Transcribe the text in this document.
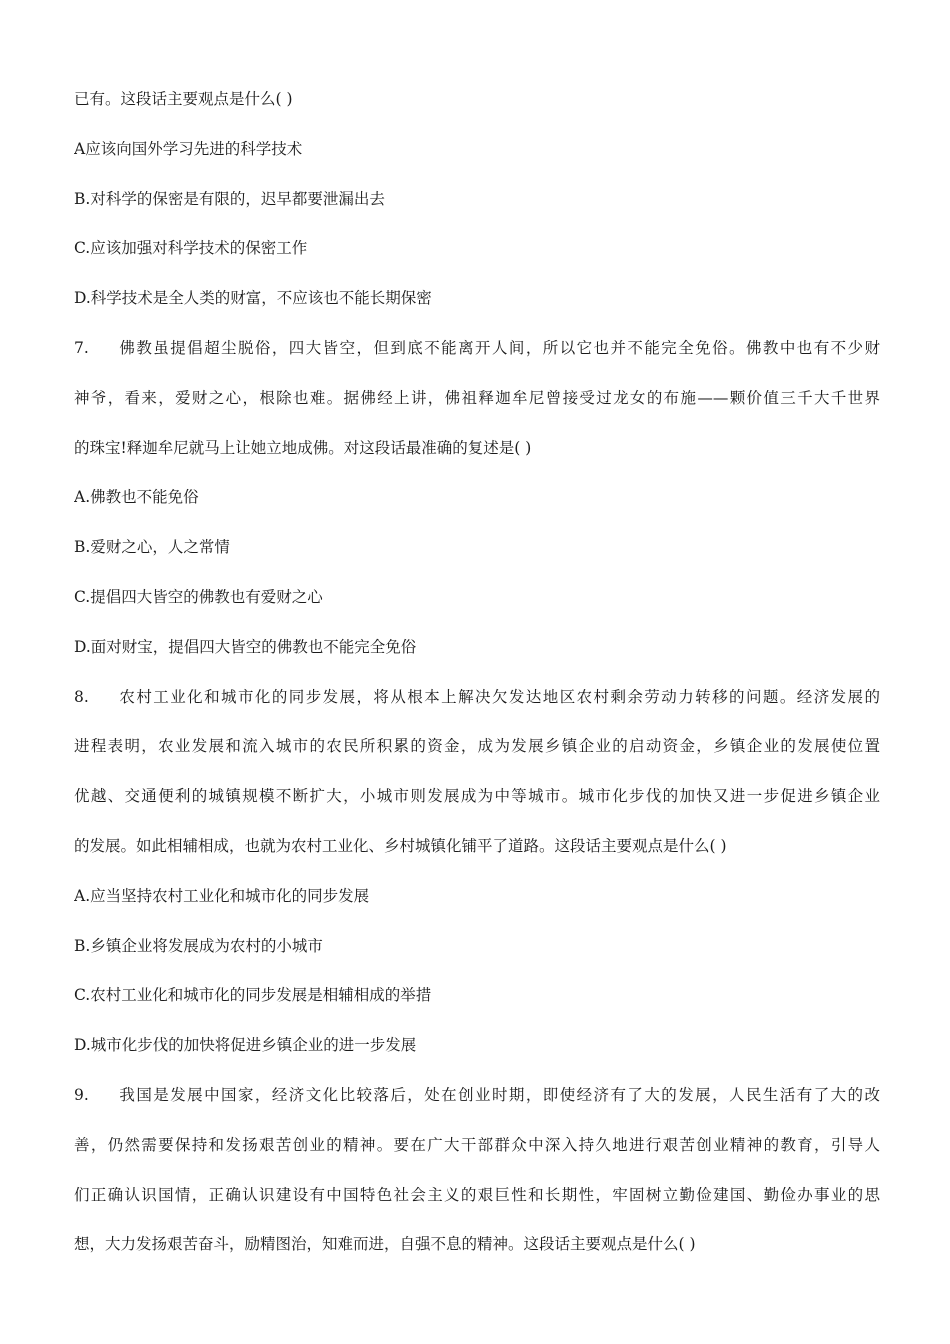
已有。这段话主要观点是什么( )
A应该向国外学习先进的科学技术
B.对科学的保密是有限的，迟早都要泄漏出去
C.应该加强对科学技术的保密工作
D.科学技术是全人类的财富，不应该也不能长期保密
7. 佛教虽提倡超尘脱俗，四大皆空，但到底不能离开人间，所以它也并不能完全免俗。佛教中也有不少财
神爷，看来，爱财之心，根除也难。据佛经上讲，佛祖释迦牟尼曾接受过龙女的布施——颗价值三千大千世界
的珠宝!释迦牟尼就马上让她立地成佛。对这段话最准确的复述是( )
A.佛教也不能免俗
B.爱财之心，人之常情
C.提倡四大皆空的佛教也有爱财之心
D.面对财宝，提倡四大皆空的佛教也不能完全免俗
8. 农村工业化和城市化的同步发展，将从根本上解决欠发达地区农村剩余劳动力转移的问题。经济发展的
进程表明，农业发展和流入城市的农民所积累的资金，成为发展乡镇企业的启动资金，乡镇企业的发展使位置
优越、交通便利的城镇规模不断扩大，小城市则发展成为中等城市。城市化步伐的加快又进一步促进乡镇企业
的发展。如此相辅相成，也就为农村工业化、乡村城镇化铺平了道路。这段话主要观点是什么( )
A.应当坚持农村工业化和城市化的同步发展
B.乡镇企业将发展成为农村的小城市
C.农村工业化和城市化的同步发展是相辅相成的举措
D.城市化步伐的加快将促进乡镇企业的进一步发展
9. 我国是发展中国家，经济文化比较落后，处在创业时期，即使经济有了大的发展，人民生活有了大的改
善，仍然需要保持和发扬艰苦创业的精神。要在广大干部群众中深入持久地进行艰苦创业精神的教育，引导人
们正确认识国情，正确认识建设有中国特色社会主义的艰巨性和长期性，牢固树立勤俭建国、勤俭办事业的思
想，大力发扬艰苦奋斗，励精图治，知难而进，自强不息的精神。这段话主要观点是什么( )
